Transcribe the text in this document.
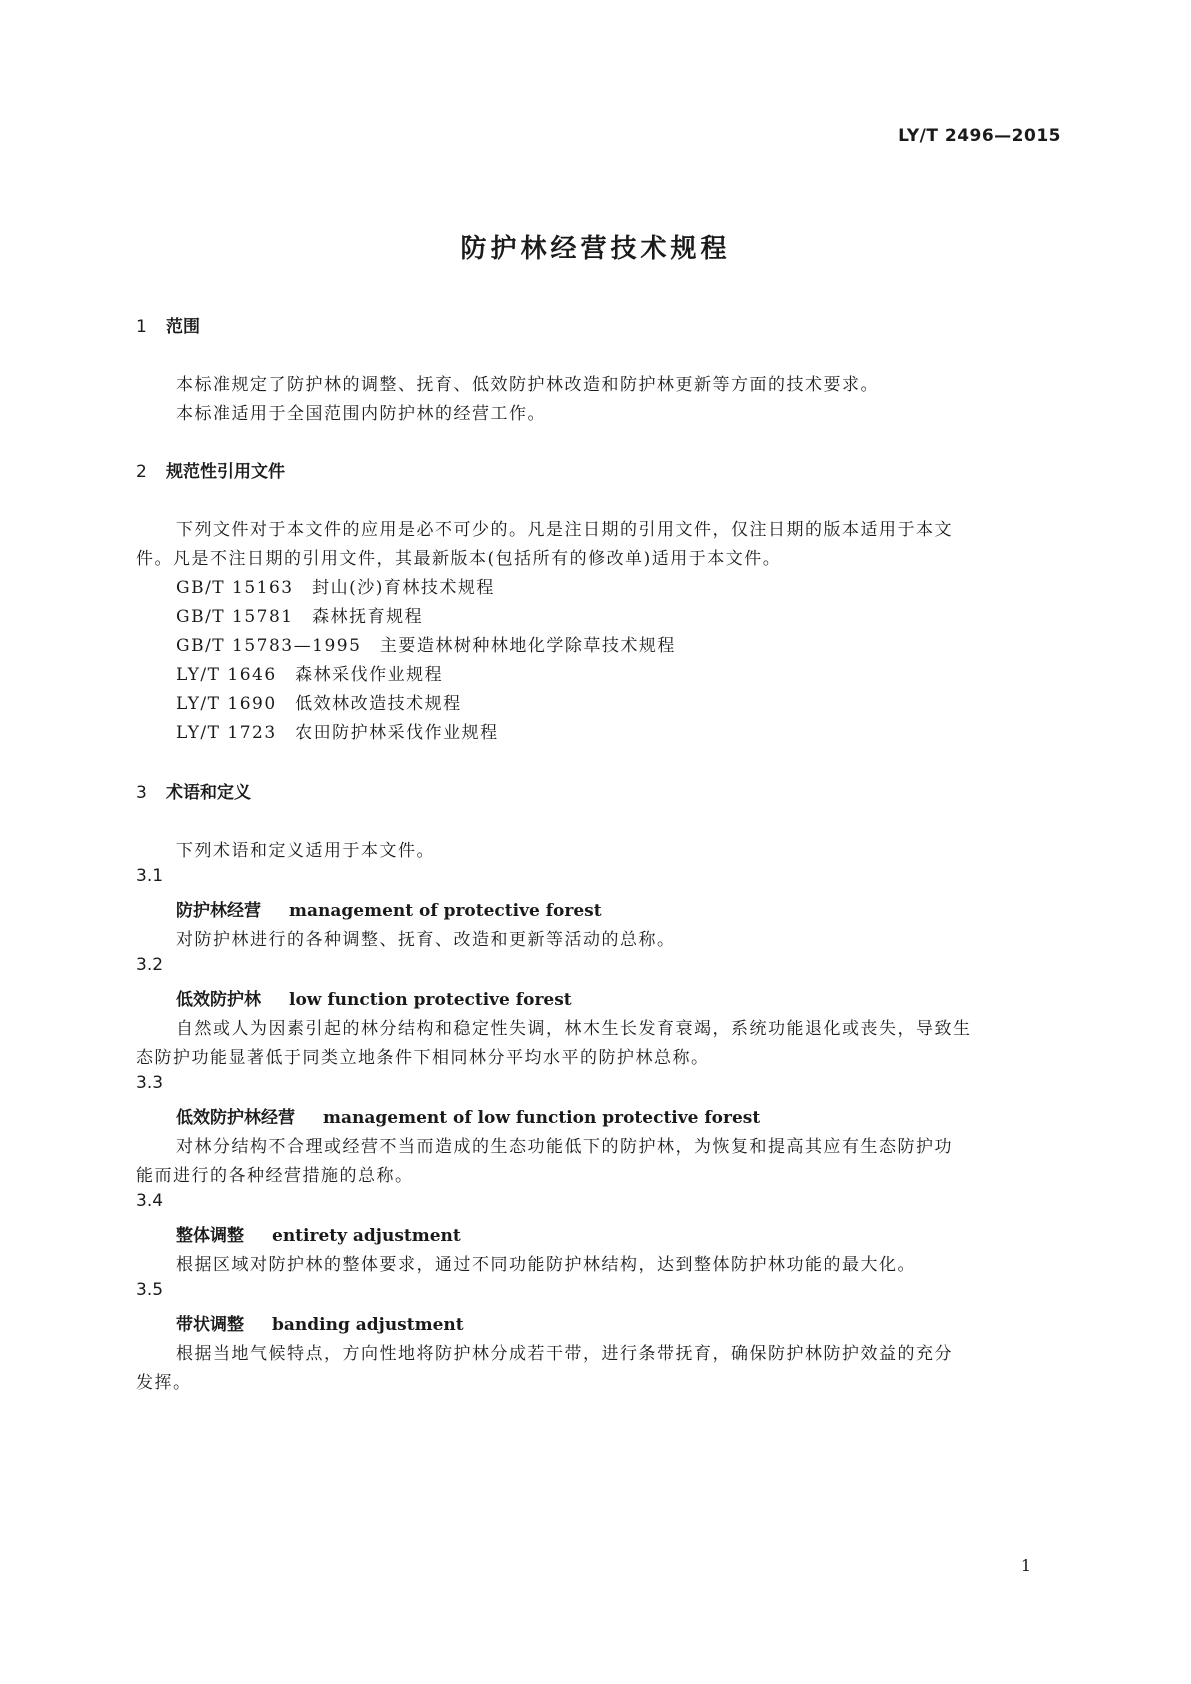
LY/T 2496—2015
防护林经营技术规程
1 范围
本标准规定了防护林的调整、抚育、低效防护林改造和防护林更新等方面的技术要求。
本标准适用于全国范围内防护林的经营工作。
2 规范性引用文件
下列文件对于本文件的应用是必不可少的。凡是注日期的引用文件，仅注日期的版本适用于本文
件。凡是不注日期的引用文件，其最新版本(包括所有的修改单)适用于本文件。
GB/T 15163　 封山(沙)育林技术规程
GB/T 15781　 森林抚育规程
GB/T 15783—1995　 主要造林树种林地化学除草技术规程
LY/T 1646　 森林采伐作业规程
LY/T 1690　 低效林改造技术规程
LY/T 1723　 农田防护林采伐作业规程
3 术语和定义
下列术语和定义适用于本文件。
3.1
防护林经营 management of protective forest
对防护林进行的各种调整、抚育、改造和更新等活动的总称。
3.2
低效防护林 low function protective forest
自然或人为因素引起的林分结构和稳定性失调，林木生长发育衰竭，系统功能退化或丧失，导致生
态防护功能显著低于同类立地条件下相同林分平均水平的防护林总称。
3.3
低效防护林经营 management of low function protective forest
对林分结构不合理或经营不当而造成的生态功能低下的防护林，为恢复和提高其应有生态防护功
能而进行的各种经营措施的总称。
3.4
整体调整 entirety adjustment
根据区域对防护林的整体要求，通过不同功能防护林结构，达到整体防护林功能的最大化。
3.5
带状调整 banding adjustment
根据当地气候特点，方向性地将防护林分成若干带，进行条带抚育，确保防护林防护效益的充分
发挥。
1
